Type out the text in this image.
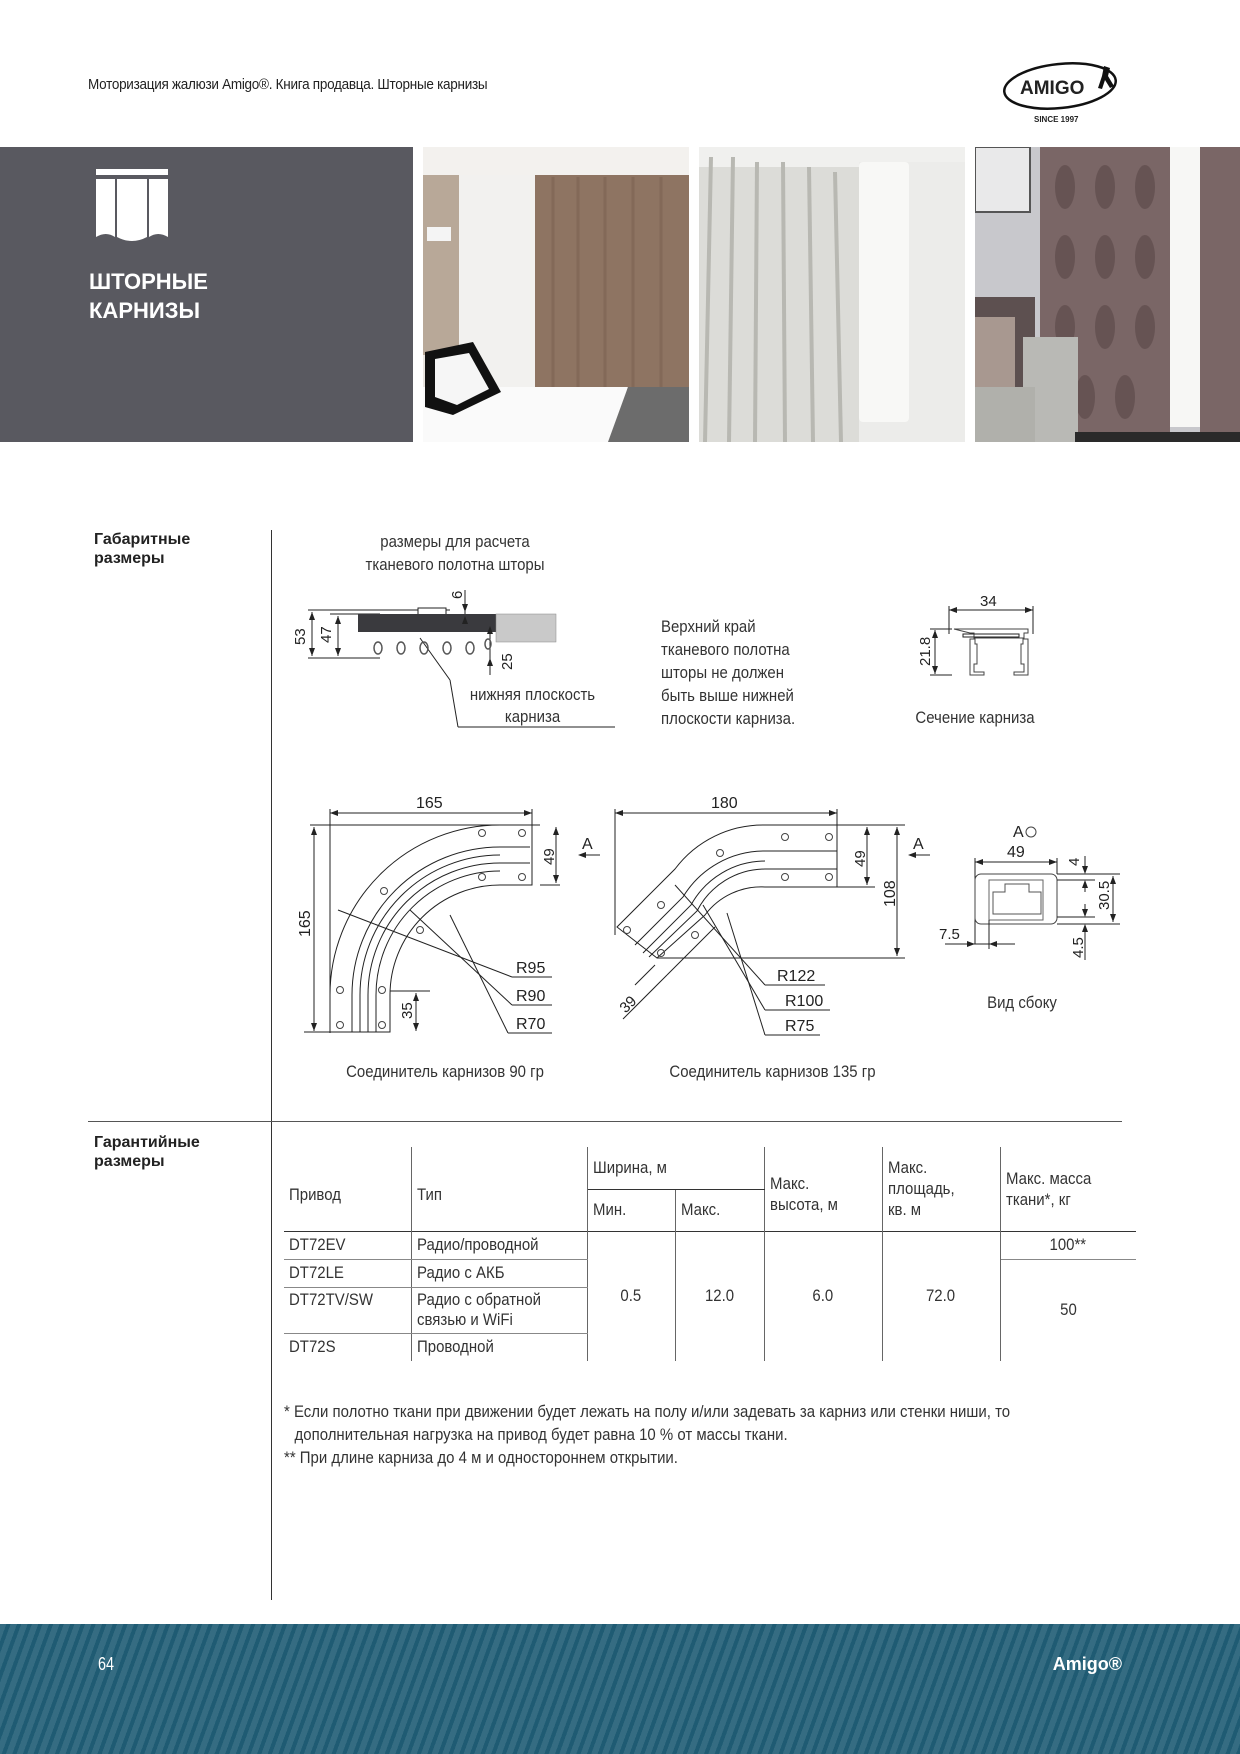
Моторизация жалюзи Amigo®. Книга продавца. Шторные карнизы	AMIGO
SINCE 1997
ШТОРНЫЕ
КАРНИЗЫ
Габаритные
размеры
Гарантийные
размеры
размеры для расчета
тканевого полотна шторы
53 47
6
25
нижняя плоскость
карниза
Верхний край
тканевого полотна
шторы не должен
быть выше нижней
плоскости карниза.
34
21.8
Сечение карниза
165
165
49
35
A
R95
R90
R70
Соединитель карнизов 90 гр
180
49
108
39
A
R122
R100
R75
Соединитель карнизов 135 гр
A
49
4
30.5
7.5
4.5
Вид сбоку
Привод	Тип	Ширина, м		Макс. высота, м	Макс. площадь, кв. м	Макс. масса ткани*, кг
		Мин.	Макс.			
DT72EV	Радио/проводной	0.5	12.0	6.0	72.0	100**
DT72LE	Радио с АКБ					50
DT72TV/SW	Радио с обратной связью и WiFi					
DT72S	Проводной					
* Если полотно ткани при движении будет лежать на полу и/или задевать за карниз или стенки ниши, то
дополнительная нагрузка на привод будет равна 10 % от массы ткани.
** При длине карниза до 4 м и одностороннем открытии.
64	Amigo®
